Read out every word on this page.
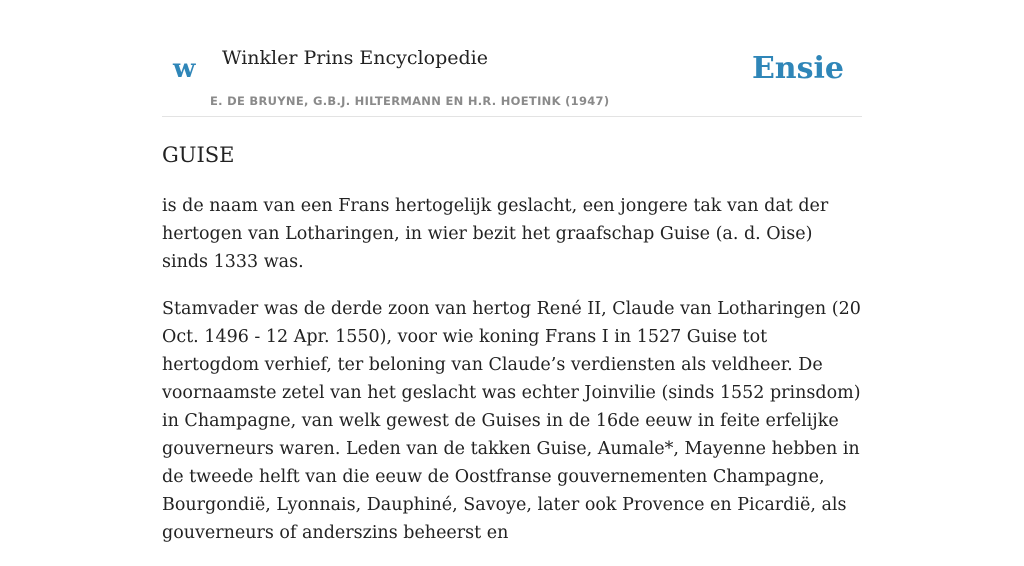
w Winkler Prins Encyclopedie
E. DE BRUYNE, G.B.J. HILTERMANN EN H.R. HOETINK (1947)
Ensie
GUISE

is de naam van een Frans hertogelijk geslacht, een jongere tak van dat der hertogen van Lotharingen, in wier bezit het graafschap Guise (a. d. Oise) sinds 1333 was.

Stamvader was de derde zoon van hertog René II, Claude van Lotharingen (20 Oct. 1496 - 12 Apr. 1550), voor wie koning Frans I in 1527 Guise tot hertogdom verhief, ter beloning van Claude’s verdiensten als veldheer. De voornaamste zetel van het geslacht was echter Joinvilie (sinds 1552 prinsdom) in Champagne, van welk gewest de Guises in de 16de eeuw in feite erfelijke gouverneurs waren. Leden van de takken Guise, Aumale*, Mayenne hebben in de tweede helft van die eeuw de Oostfranse gouvernementen Champagne, Bourgondië, Lyonnais, Dauphiné, Savoye, later ook Provence en Picardië, als gouverneurs of anderszins beheerst en
